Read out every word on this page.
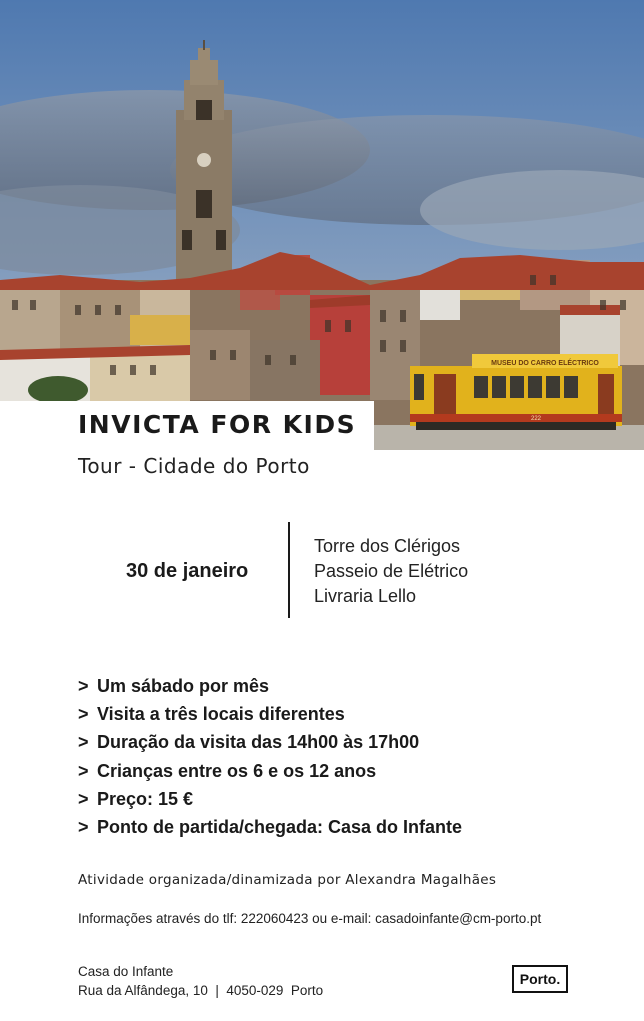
MUSEU DO CARRO ELÉCTRICO
222
INVICTA FOR KIDS
Tour - Cidade do Porto
30 de janeiro
Torre dos Clérigos
Passeio de Elétrico
Livraria Lello
> Um sábado por mês
> Visita a três locais diferentes
> Duração da visita das 14h00 às 17h00
> Crianças entre os 6 e os 12 anos
> Preço: 15 €
> Ponto de partida/chegada: Casa do Infante
Atividade organizada/dinamizada por Alexandra Magalhães
Informações através do tlf: 222060423 ou e-mail: casadoinfante@cm-porto.pt
Casa do Infante
Rua da Alfândega, 10  |  4050-029  Porto
Porto.
